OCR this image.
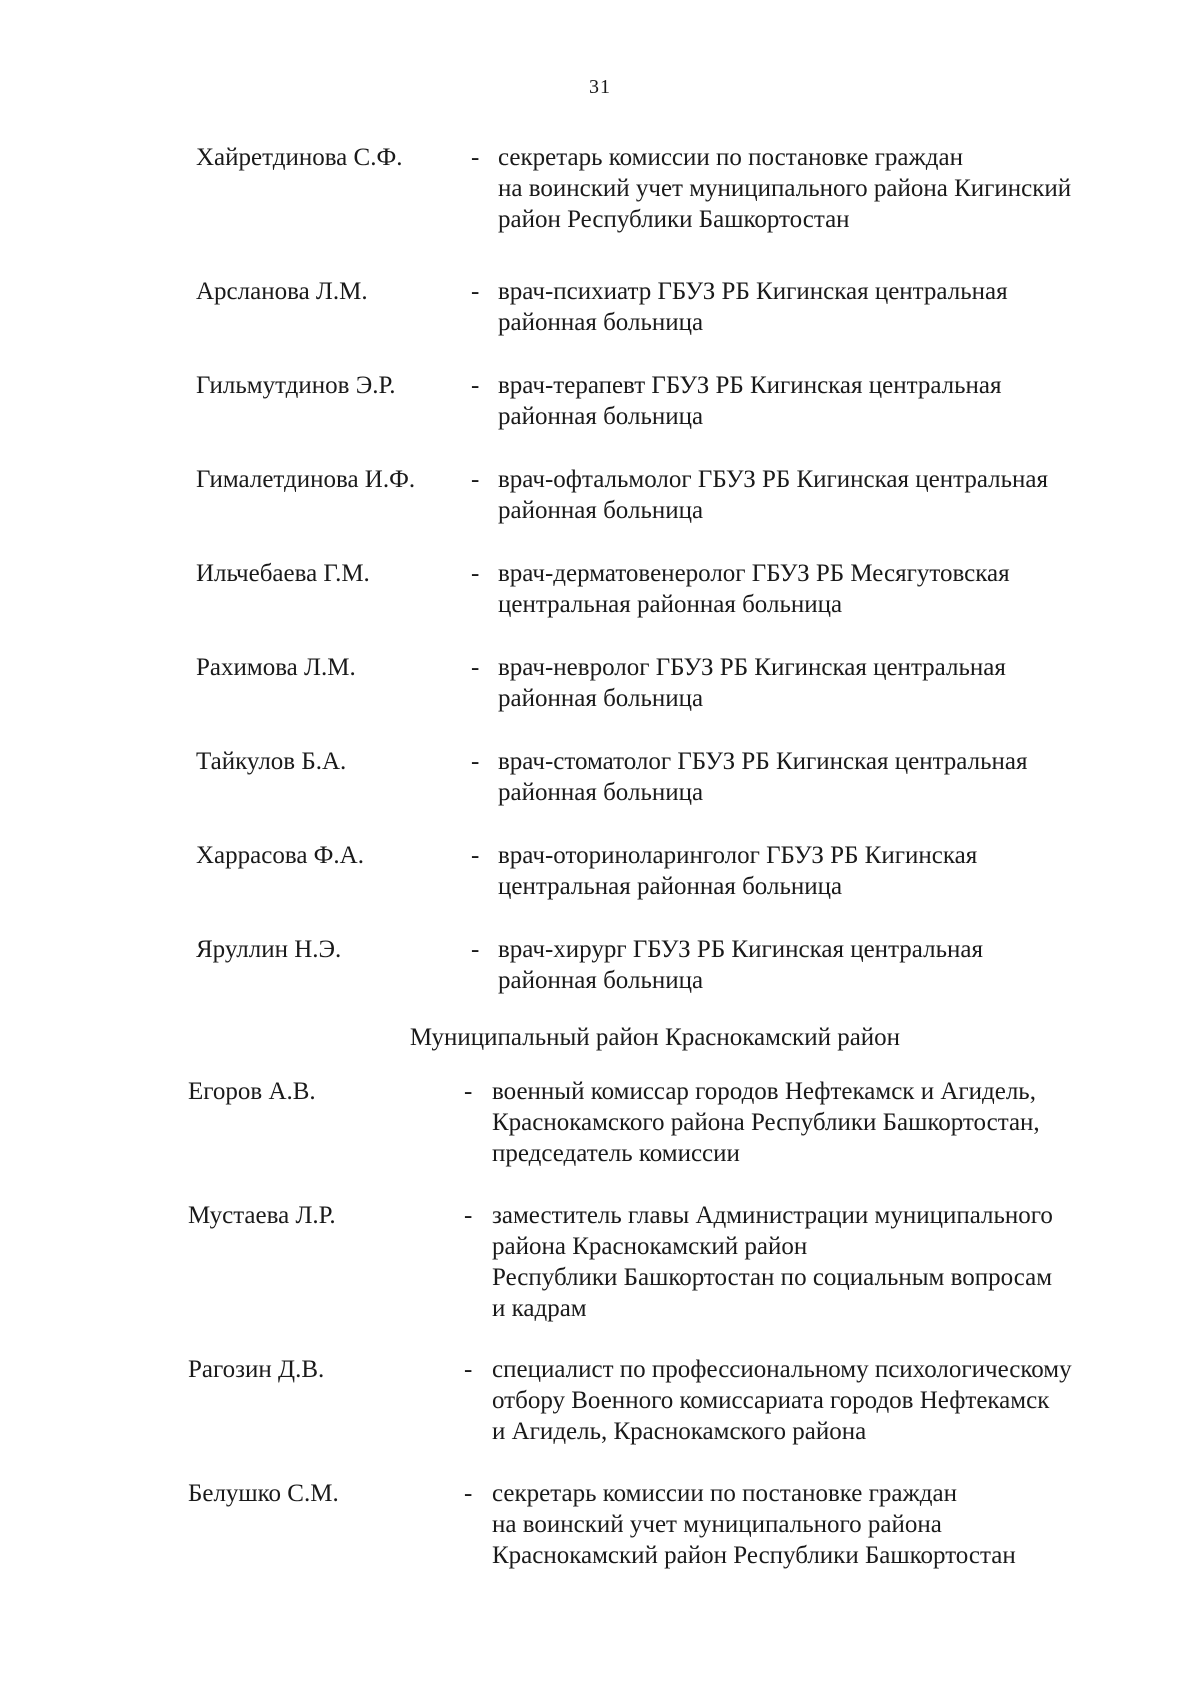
31
Хайретдинова С.Ф.	- секретарь комиссии по постановке граждан
на воинский учет муниципального района Кигинский
район Республики Башкортостан
Арсланова Л.М.	- врач-психиатр ГБУЗ РБ Кигинская центральная
районная больница
Гильмутдинов Э.Р.	- врач-терапевт ГБУЗ РБ Кигинская центральная
районная больница
Гималетдинова И.Ф. - врач-офтальмолог ГБУЗ РБ Кигинская центральная
районная больница
Ильчебаева Г.М.	- врач-дерматовенеролог ГБУЗ РБ Месягутовская
центральная районная больница
Рахимова Л.М.	- врач-невролог ГБУЗ РБ Кигинская центральная
районная больница
Тайкулов Б.А.	- врач-стоматолог ГБУЗ РБ Кигинская центральная
районная больница
Харрасова Ф.А.	- врач-оториноларинголог ГБУЗ РБ Кигинская
центральная районная больница
Яруллин Н.Э.	- врач-хирург ГБУЗ РБ Кигинская центральная
районная больница
Муниципальный район Краснокамский район
Егоров А.В.	- военный комиссар городов Нефтекамск и Агидель,
Краснокамского района Республики Башкортостан,
председатель комиссии
Мустаева Л.Р.	- заместитель главы Администрации муниципального
района Краснокамский район
Республики Башкортостан по социальным вопросам
и кадрам
Рагозин Д.В.	- специалист по профессиональному психологическому
отбору Военного комиссариата городов Нефтекамск
и Агидель, Краснокамского района
Белушко С.М.	- секретарь комиссии по постановке граждан
на воинский учет муниципального района
Краснокамский район Республики Башкортостан
